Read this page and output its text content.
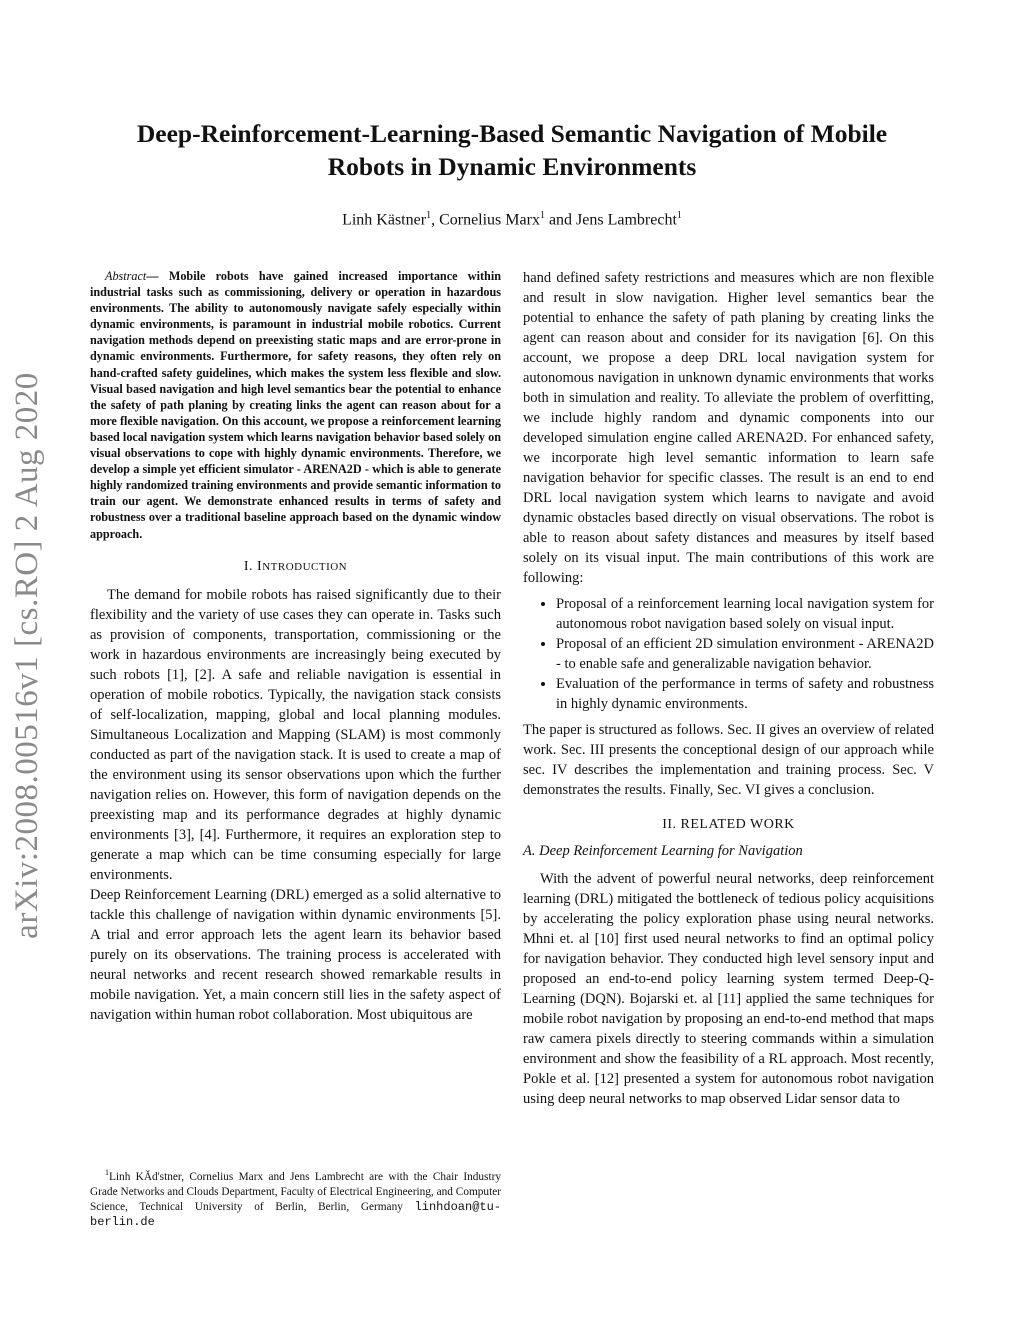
arXiv:2008.00516v1 [cs.RO] 2 Aug 2020
Deep-Reinforcement-Learning-Based Semantic Navigation of Mobile
Robots in Dynamic Environments

Linh Kästner$^1$, Cornelius Marx$^1$ and Jens Lambrecht$^1$

Abstract— Mobile robots have gained increased importance within industrial tasks such as commissioning, delivery or operation in hazardous environments. The ability to autonomously navigate safely especially within dynamic environments, is paramount in industrial mobile robotics. Current navigation methods depend on preexisting static maps and are error-prone in dynamic environments. Furthermore, for safety reasons, they often rely on hand-crafted safety guidelines, which makes the system less flexible and slow. Visual based navigation and high level semantics bear the potential to enhance the safety of path planing by creating links the agent can reason about for a more flexible navigation. On this account, we propose a reinforcement learning based local navigation system which learns navigation behavior based solely on visual observations to cope with highly dynamic environments. Therefore, we develop a simple yet efficient simulator - ARENA2D - which is able to generate highly randomized training environments and provide semantic information to train our agent. We demonstrate enhanced results in terms of safety and robustness over a traditional baseline approach based on the dynamic window approach.

I. INTRODUCTION

The demand for mobile robots has raised significantly due to their flexibility and the variety of use cases they can operate in. Tasks such as provision of components, transportation, commissioning or the work in hazardous environments are increasingly being executed by such robots [1], [2]. A safe and reliable navigation is essential in operation of mobile robotics. Typically, the navigation stack consists of self-localization, mapping, global and local planning modules. Simultaneous Localization and Mapping (SLAM) is most commonly conducted as part of the navigation stack. It is used to create a map of the environment using its sensor observations upon which the further navigation relies on. However, this form of navigation depends on the preexisting map and its performance degrades at highly dynamic environments [3], [4]. Furthermore, it requires an exploration step to generate a map which can be time consuming especially for large environments.

Deep Reinforcement Learning (DRL) emerged as a solid alternative to tackle this challenge of navigation within dynamic environments [5]. A trial and error approach lets the agent learn its behavior based purely on its observations. The training process is accelerated with neural networks and recent research showed remarkable results in mobile navigation. Yet, a main concern still lies in the safety aspect of navigation within human robot collaboration. Most ubiquitous are

hand defined safety restrictions and measures which are non flexible and result in slow navigation. Higher level semantics bear the potential to enhance the safety of path planing by creating links the agent can reason about and consider for its navigation [6]. On this account, we propose a deep DRL local navigation system for autonomous navigation in unknown dynamic environments that works both in simulation and reality. To alleviate the problem of overfitting, we include highly random and dynamic components into our developed simulation engine called ARENA2D. For enhanced safety, we incorporate high level semantic information to learn safe navigation behavior for specific classes. The result is an end to end DRL local navigation system which learns to navigate and avoid dynamic obstacles based directly on visual observations. The robot is able to reason about safety distances and measures by itself based solely on its visual input. The main contributions of this work are following:

• Proposal of a reinforcement learning local navigation system for autonomous robot navigation based solely on visual input.
• Proposal of an efficient 2D simulation environment - ARENA2D - to enable safe and generalizable navigation behavior.
• Evaluation of the performance in terms of safety and robustness in highly dynamic environments.

The paper is structured as follows. Sec. II gives an overview of related work. Sec. III presents the conceptional design of our approach while sec. IV describes the implementation and training process. Sec. V demonstrates the results. Finally, Sec. VI gives a conclusion.

II. RELATED WORK
A. Deep Reinforcement Learning for Navigation

With the advent of powerful neural networks, deep reinforcement learning (DRL) mitigated the bottleneck of tedious policy acquisitions by accelerating the policy exploration phase using neural networks. Mhni et. al [10] first used neural networks to find an optimal policy for navigation behavior. They conducted high level sensory input and proposed an end-to-end policy learning system termed Deep-Q-Learning (DQN). Bojarski et. al [11] applied the same techniques for mobile robot navigation by proposing an end-to-end method that maps raw camera pixels directly to steering commands within a simulation environment and show the feasibility of a RL approach. Most recently, Pokle et al. [12] presented a system for autonomous robot navigation using deep neural networks to map observed Lidar sensor data to

$^1$Linh KĂd'stner, Cornelius Marx and Jens Lambrecht are with the Chair Industry Grade Networks and Clouds Department, Faculty of Electrical Engineering, and Computer Science, Technical University of Berlin, Berlin, Germany linhdoan@tu-berlin.de
